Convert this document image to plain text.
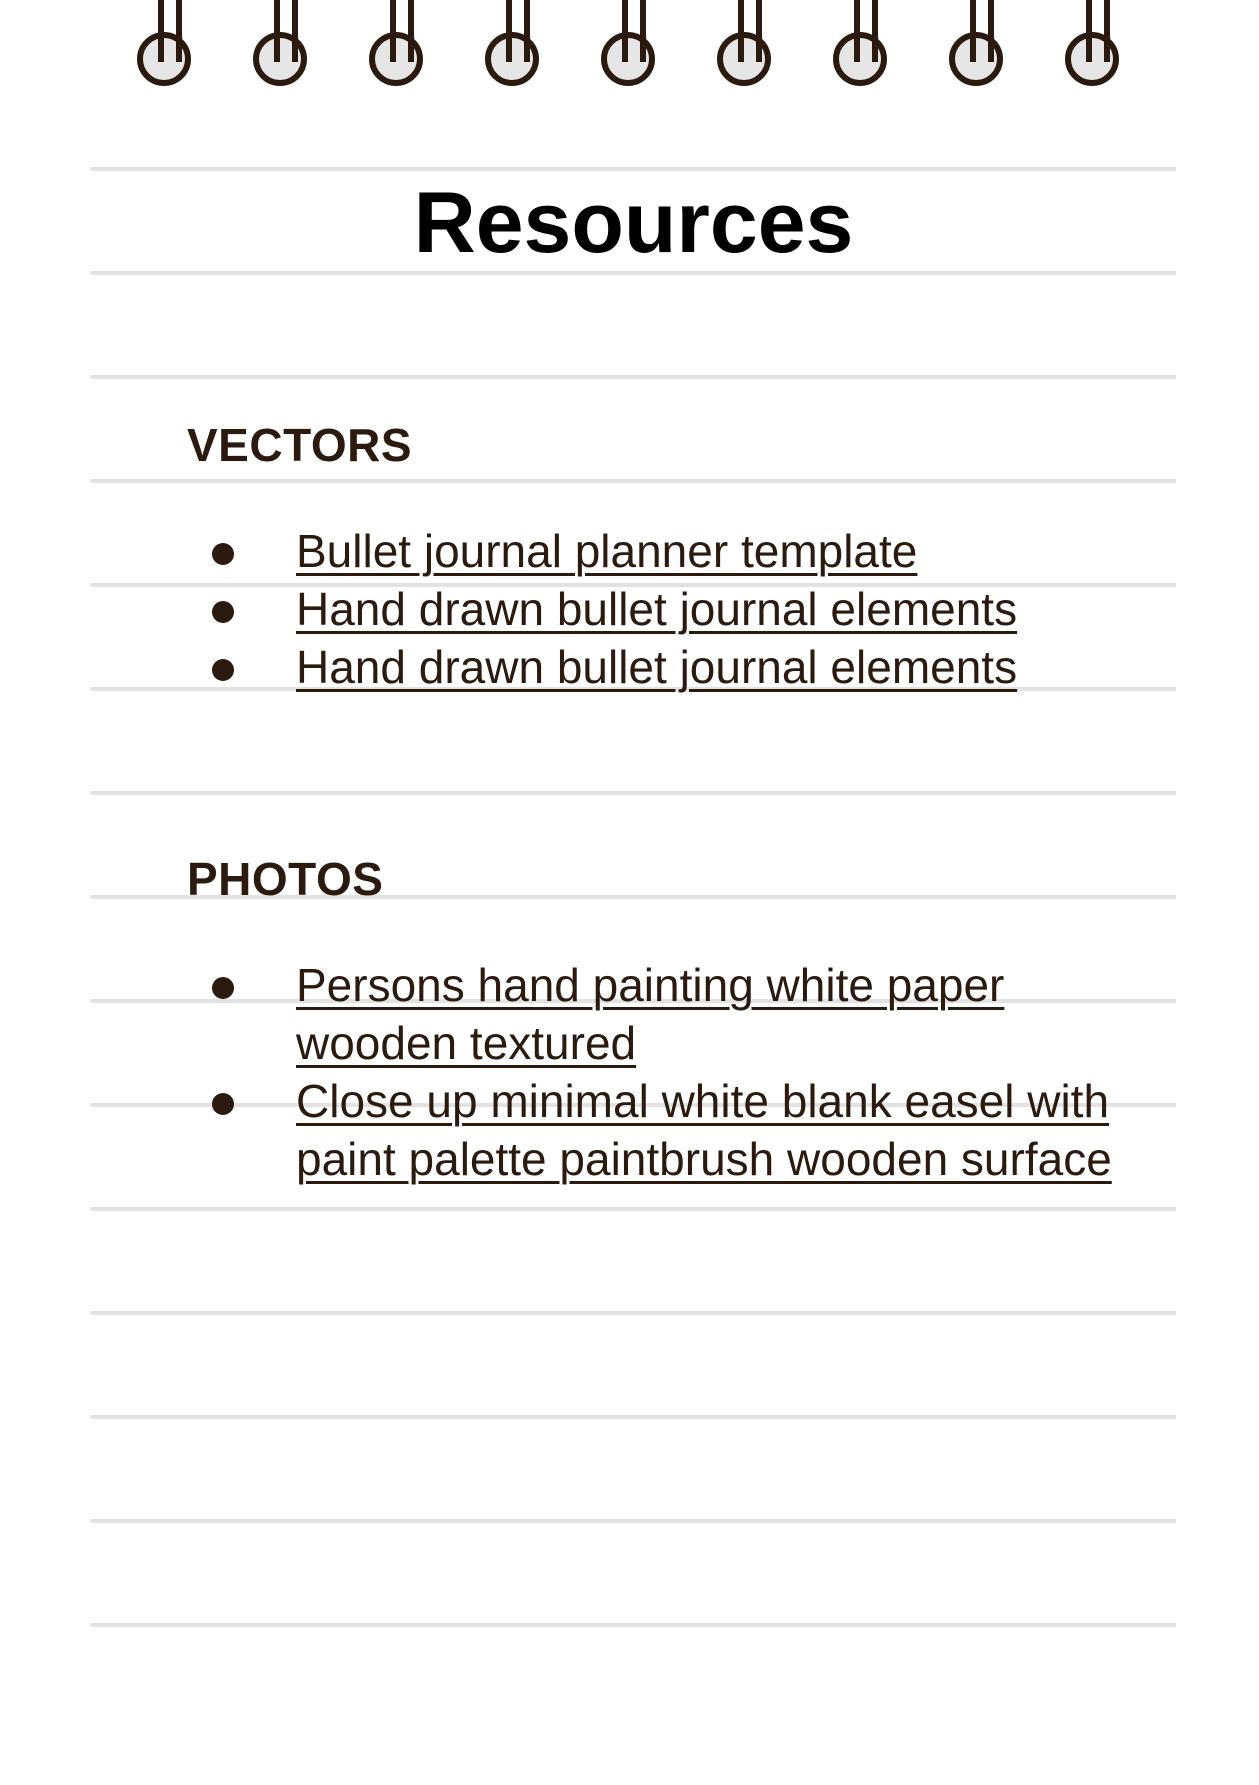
Resources
VECTORS
Bullet journal planner template
Hand drawn bullet journal elements
Hand drawn bullet journal elements
PHOTOS
Persons hand painting white paper wooden textured
Close up minimal white blank easel with paint palette paintbrush wooden surface
